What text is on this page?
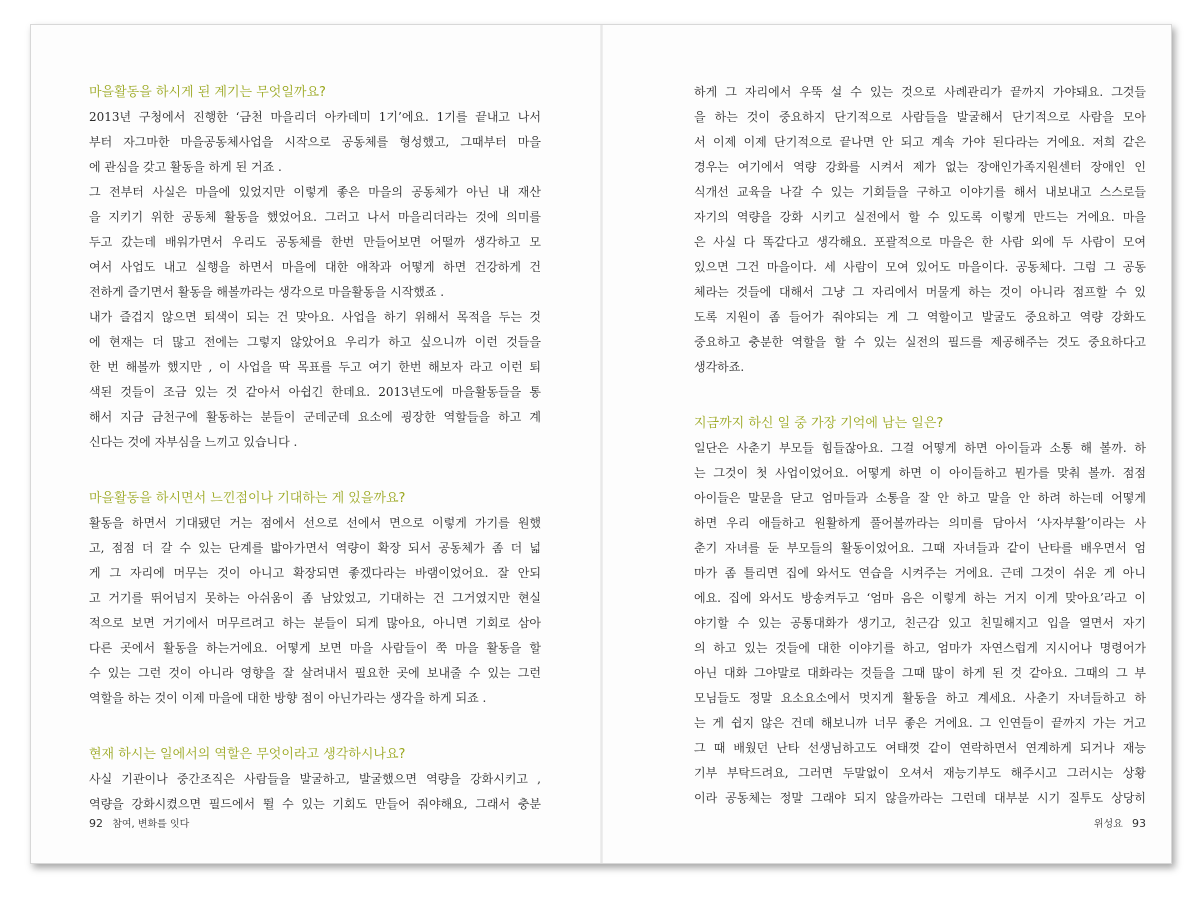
마을활동을 하시게 된 계기는 무엇일까요?
2013년 구청에서 진행한 ‘금천 마을리더 아카데미 1기’에요. 1기를 끝내고 나서
부터 자그마한 마을공동체사업을 시작으로 공동체를 형성했고, 그때부터 마을
에 관심을 갖고 활동을 하게 된 거죠 .
그 전부터 사실은 마을에 있었지만 이렇게 좋은 마을의 공동체가 아닌 내 재산
을 지키기 위한 공동체 활동을 했었어요. 그러고 나서 마을리더라는 것에 의미를
두고 갔는데 배워가면서 우리도 공동체를 한번 만들어보면 어떨까 생각하고 모
여서 사업도 내고 실행을 하면서 마을에 대한 애착과 어떻게 하면 건강하게 건
전하게 즐기면서 활동을 해볼까라는 생각으로 마을활동을 시작했죠 .
내가 즐겁지 않으면 퇴색이 되는 건 맞아요. 사업을 하기 위해서 목적을 두는 것
에 현재는 더 많고 전에는 그렇지 않았어요 우리가 하고 싶으니까 이런 것들을
한 번 해볼까 했지만 , 이 사업을 딱 목표를 두고 여기 한번 해보자 라고 이런 퇴
색된 것들이 조금 있는 것 같아서 아쉽긴 한데요. 2013년도에 마을활동들을 통
해서 지금 금천구에 활동하는 분들이 군데군데 요소에 굉장한 역할들을 하고 계
신다는 것에 자부심을 느끼고 있습니다 .
마을활동을 하시면서 느낀점이나 기대하는 게 있을까요?
활동을 하면서 기대됐던 거는 점에서 선으로 선에서 면으로 이렇게 가기를 원했
고, 점점 더 갈 수 있는 단계를 밟아가면서 역량이 확장 되서 공동체가 좀 더 넓
게 그 자리에 머무는 것이 아니고 확장되면 좋겠다라는 바램이었어요. 잘 안되
고 거기를 뛰어넘지 못하는 아쉬움이 좀 남았었고, 기대하는 건 그거였지만 현실
적으로 보면 거기에서 머무르려고 하는 분들이 되게 많아요, 아니면 기회로 삼아
다른 곳에서 활동을 하는거에요. 어떻게 보면 마을 사람들이 쭉 마을 활동을 할
수 있는 그런 것이 아니라 영향을 잘 살려내서 필요한 곳에 보내줄 수 있는 그런
역할을 하는 것이 이제 마을에 대한 방향 점이 아닌가라는 생각을 하게 되죠 .
현재 하시는 일에서의 역할은 무엇이라고 생각하시나요?
사실 기관이나 중간조직은 사람들을 발굴하고, 발굴했으면 역량을 강화시키고 ,
역량을 강화시켰으면 필드에서 뛸 수 있는 기회도 만들어 줘야해요, 그래서 충분
92 참여, 변화를 잇다
하게 그 자리에서 우뚝 설 수 있는 것으로 사례관리가 끝까지 가야돼요. 그것들
을 하는 것이 중요하지 단기적으로 사람들을 발굴해서 단기적으로 사람을 모아
서 이제 이제 단기적으로 끝나면 안 되고 계속 가야 된다라는 거에요. 저희 같은
경우는 여기에서 역량 강화를 시켜서 제가 없는 장애인가족지원센터 장애인 인
식개선 교육을 나갈 수 있는 기회들을 구하고 이야기를 해서 내보내고 스스로들
자기의 역량을 강화 시키고 실전에서 할 수 있도록 이렇게 만드는 거에요. 마을
은 사실 다 똑같다고 생각해요. 포괄적으로 마을은 한 사람 외에 두 사람이 모여
있으면 그건 마을이다. 세 사람이 모여 있어도 마을이다. 공동체다. 그럼 그 공동
체라는 것들에 대해서 그냥 그 자리에서 머물게 하는 것이 아니라 점프할 수 있
도록 지원이 좀 들어가 줘야되는 게 그 역할이고 발굴도 중요하고 역량 강화도
중요하고 충분한 역할을 할 수 있는 실전의 필드를 제공해주는 것도 중요하다고
생각하죠.
지금까지 하신 일 중 가장 기억에 남는 일은?
일단은 사춘기 부모들 힘들잖아요. 그걸 어떻게 하면 아이들과 소통 해 볼까. 하
는 그것이 첫 사업이었어요. 어떻게 하면 이 아이들하고 뭔가를 맞춰 볼까. 점점
아이들은 말문을 닫고 엄마들과 소통을 잘 안 하고 말을 안 하려 하는데 어떻게
하면 우리 애들하고 원활하게 풀어볼까라는 의미를 담아서 ‘사자부활’이라는 사
춘기 자녀를 둔 부모들의 활동이었어요. 그때 자녀들과 같이 난타를 배우면서 엄
마가 좀 틀리면 집에 와서도 연습을 시켜주는 거에요. 근데 그것이 쉬운 게 아니
에요. 집에 와서도 방송켜두고 ‘엄마 음은 이렇게 하는 거지 이게 맞아요’라고 이
야기할 수 있는 공통대화가 생기고, 친근감 있고 친밀해지고 입을 열면서 자기
의 하고 있는 것들에 대한 이야기를 하고, 엄마가 자연스럽게 지시어나 명령어가
아닌 대화 그야말로 대화라는 것들을 그때 많이 하게 된 것 같아요. 그때의 그 부
모님들도 정말 요소요소에서 멋지게 활동을 하고 계세요. 사춘기 자녀들하고 하
는 게 쉽지 않은 건데 해보니까 너무 좋은 거에요. 그 인연들이 끝까지 가는 거고
그 때 배웠던 난타 선생님하고도 여태껏 같이 연락하면서 연계하게 되거나 재능
기부 부탁드려요, 그러면 두말없이 오셔서 재능기부도 해주시고 그러시는 상황
이라 공동체는 정말 그래야 되지 않을까라는 그런데 대부분 시기 질투도 상당히
위성요 93
